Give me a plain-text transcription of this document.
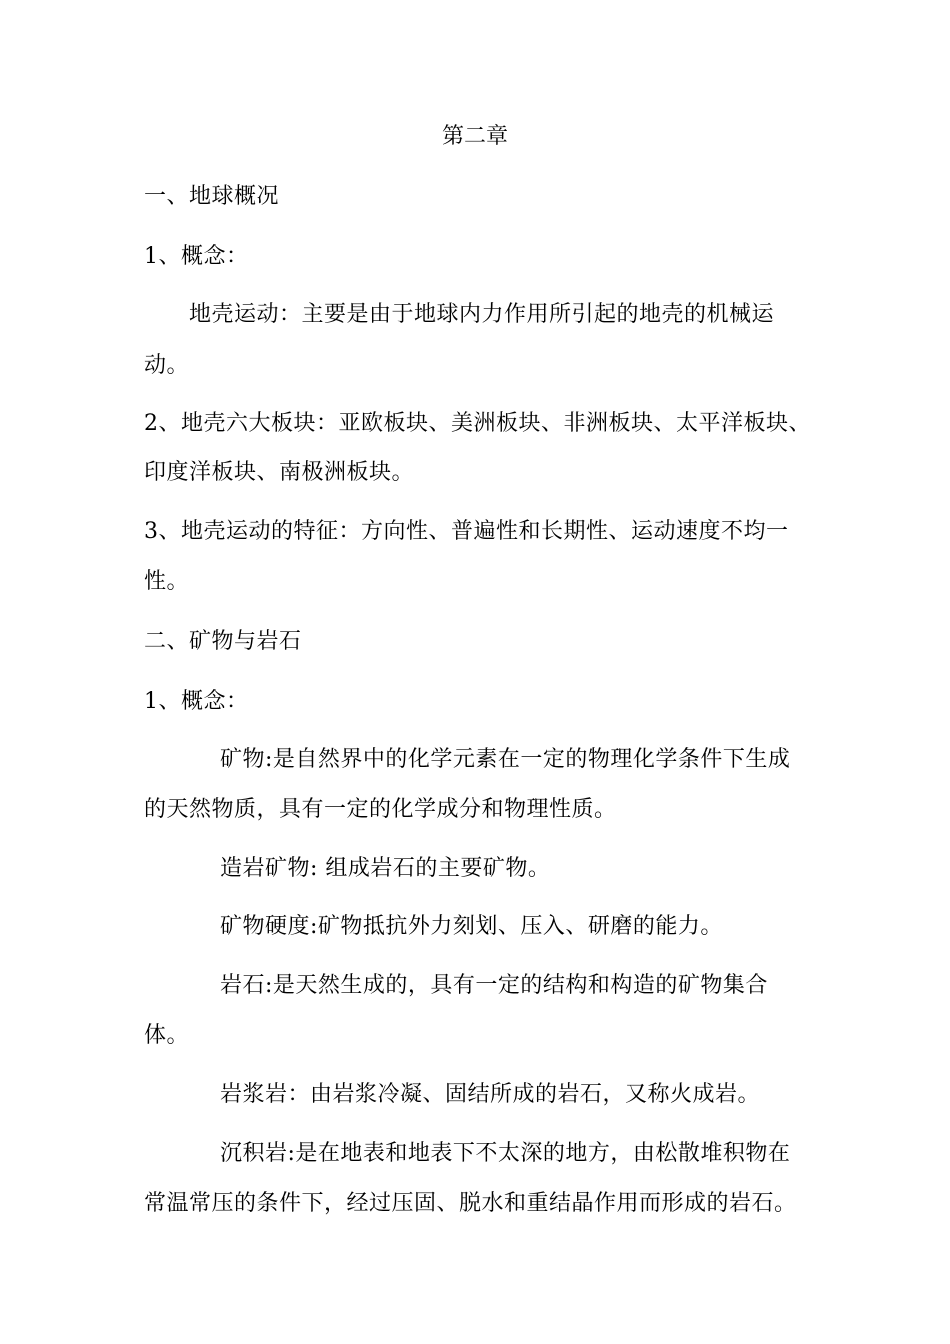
第二章
一、地球概况
1、概念：
地壳运动：主要是由于地球内力作用所引起的地壳的机械运
动。
2、地壳六大板块：亚欧板块、美洲板块、非洲板块、太平洋板块、
印度洋板块、南极洲板块。
3、地壳运动的特征：方向性、普遍性和长期性、运动速度不均一
性。
二、矿物与岩石
1、概念：
矿物:是自然界中的化学元素在一定的物理化学条件下生成
的天然物质，具有一定的化学成分和物理性质。
造岩矿物: 组成岩石的主要矿物。
矿物硬度:矿物抵抗外力刻划、压入、研磨的能力。
岩石:是天然生成的，具有一定的结构和构造的矿物集合
体。
岩浆岩：由岩浆冷凝、固结所成的岩石，又称火成岩。
沉积岩:是在地表和地表下不太深的地方，由松散堆积物在
常温常压的条件下，经过压固、脱水和重结晶作用而形成的岩石。
